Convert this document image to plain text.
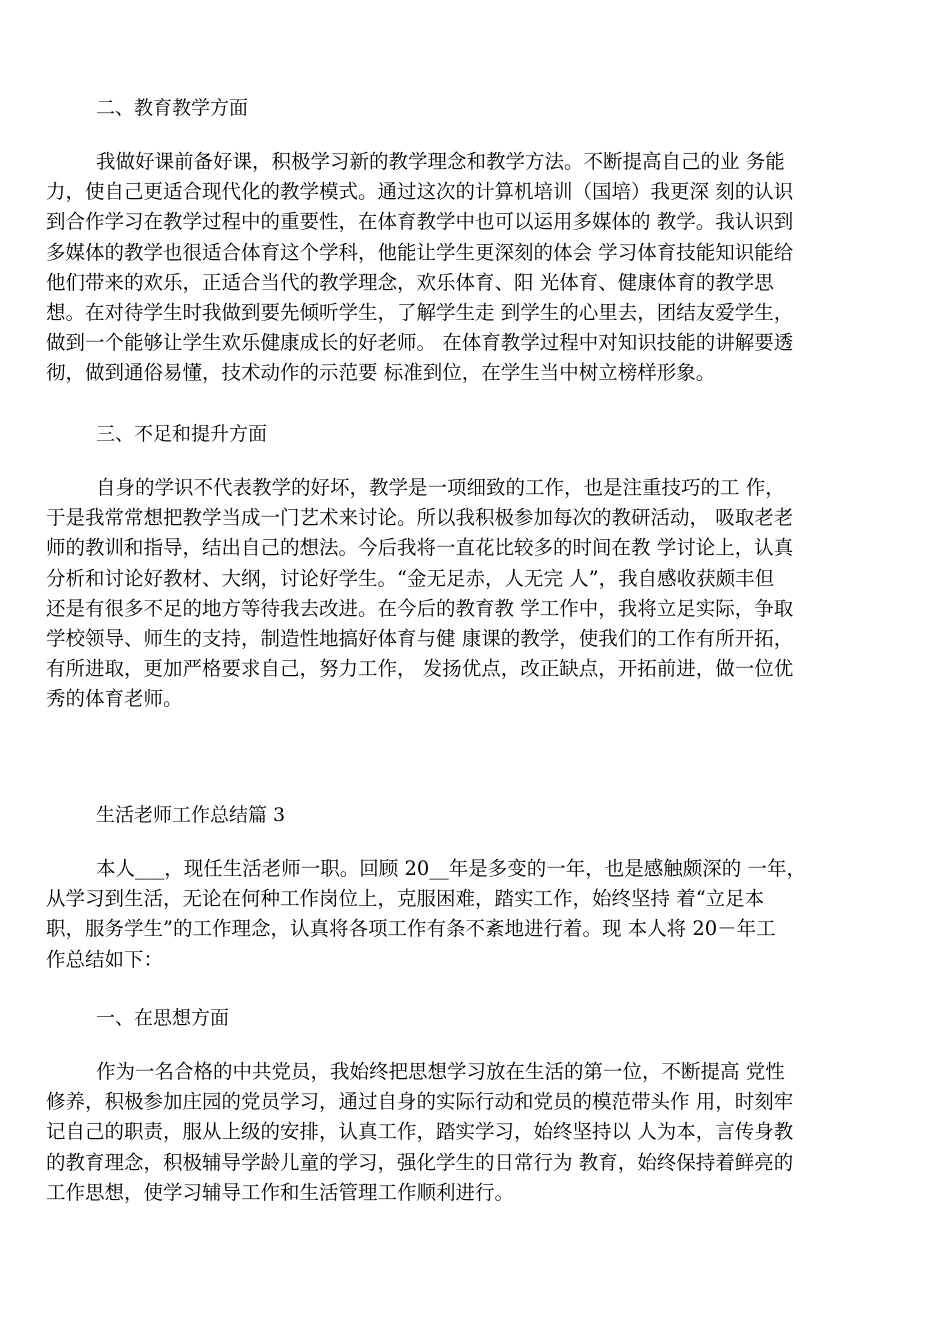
二、教育教学方面
我做好课前备好课，积极学习新的教学理念和教学方法。不断提高自己的业 务能
力，使自己更适合现代化的教学模式。通过这次的计算机培训（国培）我更深 刻的认识
到合作学习在教学过程中的重要性，在体育教学中也可以运用多媒体的 教学。我认识到
多媒体的教学也很适合体育这个学科，他能让学生更深刻的体会 学习体育技能知识能给
他们带来的欢乐，正适合当代的教学理念，欢乐体育、阳 光体育、健康体育的教学思
想。在对待学生时我做到要先倾听学生，了解学生走 到学生的心里去，团结友爱学生，
做到一个能够让学生欢乐健康成长的好老师。 在体育教学过程中对知识技能的讲解要透
彻，做到通俗易懂，技术动作的示范要 标准到位，在学生当中树立榜样形象。
三、不足和提升方面
自身的学识不代表教学的好坏，教学是一项细致的工作，也是注重技巧的工 作，
于是我常常想把教学当成一门艺术来讨论。所以我积极参加每次的教研活动， 吸取老老
师的教训和指导，结出自己的想法。今后我将一直花比较多的时间在教 学讨论上，认真
分析和讨论好教材、大纲，讨论好学生。“金无足赤，人无完 人”，我自感收获颇丰但
还是有很多不足的地方等待我去改进。在今后的教育教 学工作中，我将立足实际，争取
学校领导、师生的支持，制造性地搞好体育与健 康课的教学，使我们的工作有所开拓，
有所进取，更加严格要求自己，努力工作， 发扬优点，改正缺点，开拓前进，做一位优
秀的体育老师。
生活老师工作总结篇 3
本人___，现任生活老师一职。回顾 20__年是多变的一年，也是感触颇深的 一年，
从学习到生活，无论在何种工作岗位上，克服困难，踏实工作，始终坚持 着“立足本
职，服务学生”的工作理念，认真将各项工作有条不紊地进行着。现 本人将 20－年工
作总结如下：
一、在思想方面
作为一名合格的中共党员，我始终把思想学习放在生活的第一位，不断提高 党性
修养，积极参加庄园的党员学习，通过自身的实际行动和党员的模范带头作 用，时刻牢
记自己的职责，服从上级的安排，认真工作，踏实学习，始终坚持以 人为本，言传身教
的教育理念，积极辅导学龄儿童的学习，强化学生的日常行为 教育，始终保持着鲜亮的
工作思想，使学习辅导工作和生活管理工作顺利进行。
